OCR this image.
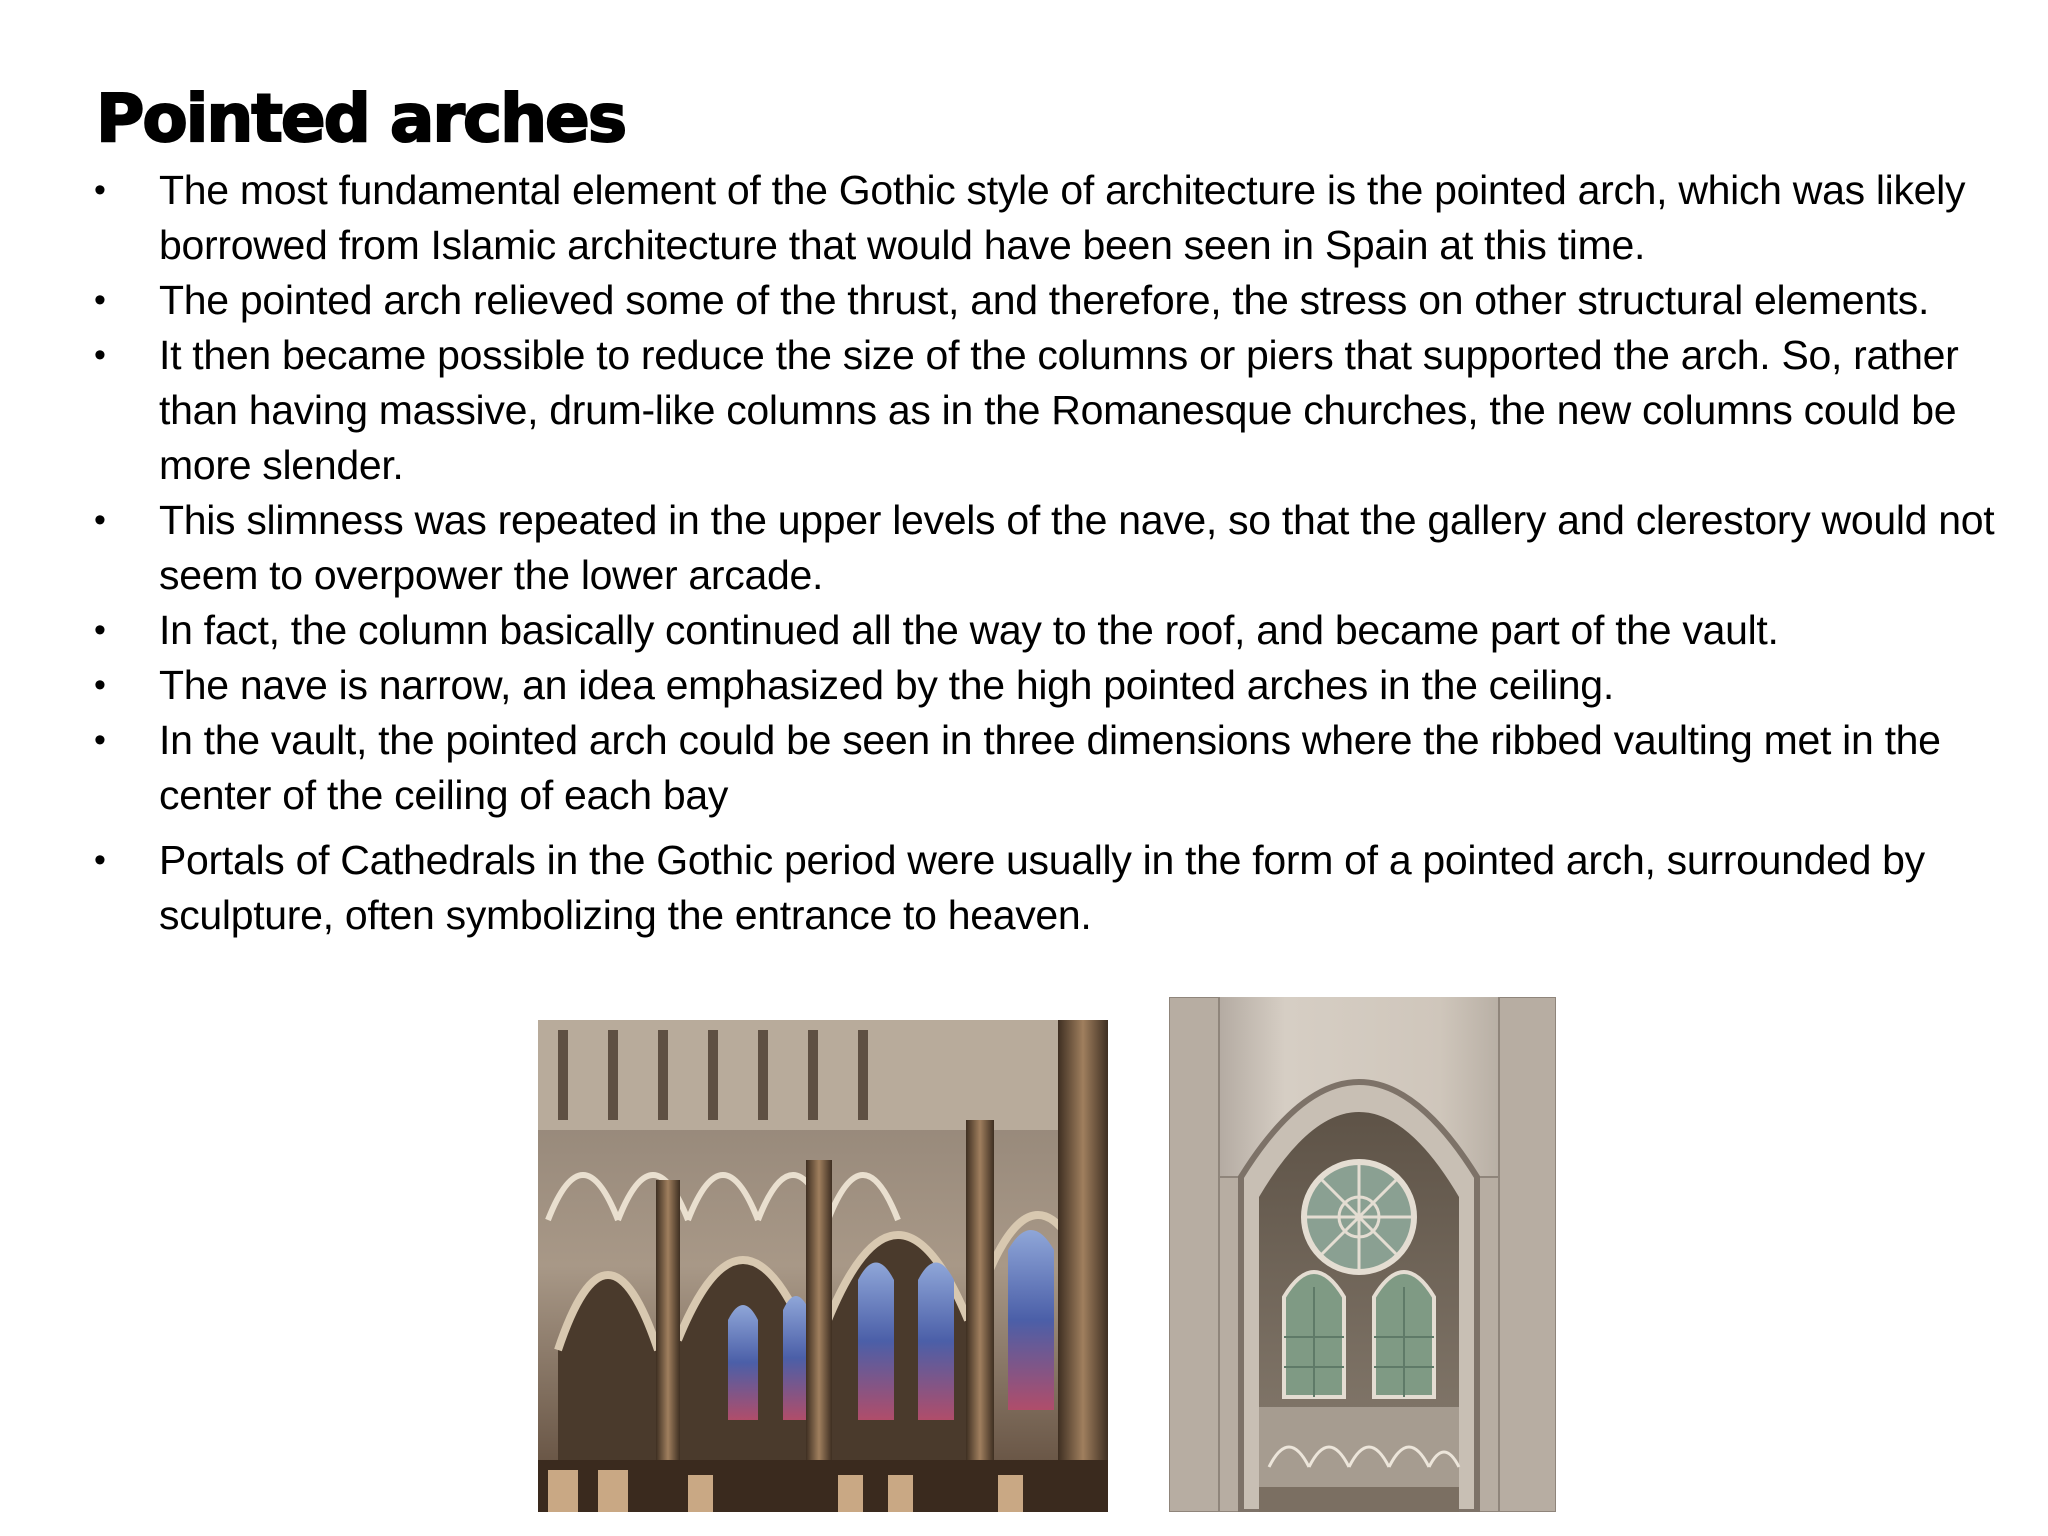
Pointed arches
• The most fundamental element of the Gothic style of architecture is the pointed arch, which was likely borrowed from Islamic architecture that would have been seen in Spain at this time.
• The pointed arch relieved some of the thrust, and therefore, the stress on other structural elements.
• It then became possible to reduce the size of the columns or piers that supported the arch. So, rather than having massive, drum-like columns as in the Romanesque churches, the new columns could be more slender.
• This slimness was repeated in the upper levels of the nave, so that the gallery and clerestory would not seem to overpower the lower arcade.
• In fact, the column basically continued all the way to the roof, and became part of the vault.
• The nave is narrow, an idea emphasized by the high pointed arches in the ceiling.
• In the vault, the pointed arch could be seen in three dimensions where the ribbed vaulting met in the center of the ceiling of each bay
• Portals of Cathedrals in the Gothic period were usually in the form of a pointed arch, surrounded by sculpture, often symbolizing the entrance to heaven.
